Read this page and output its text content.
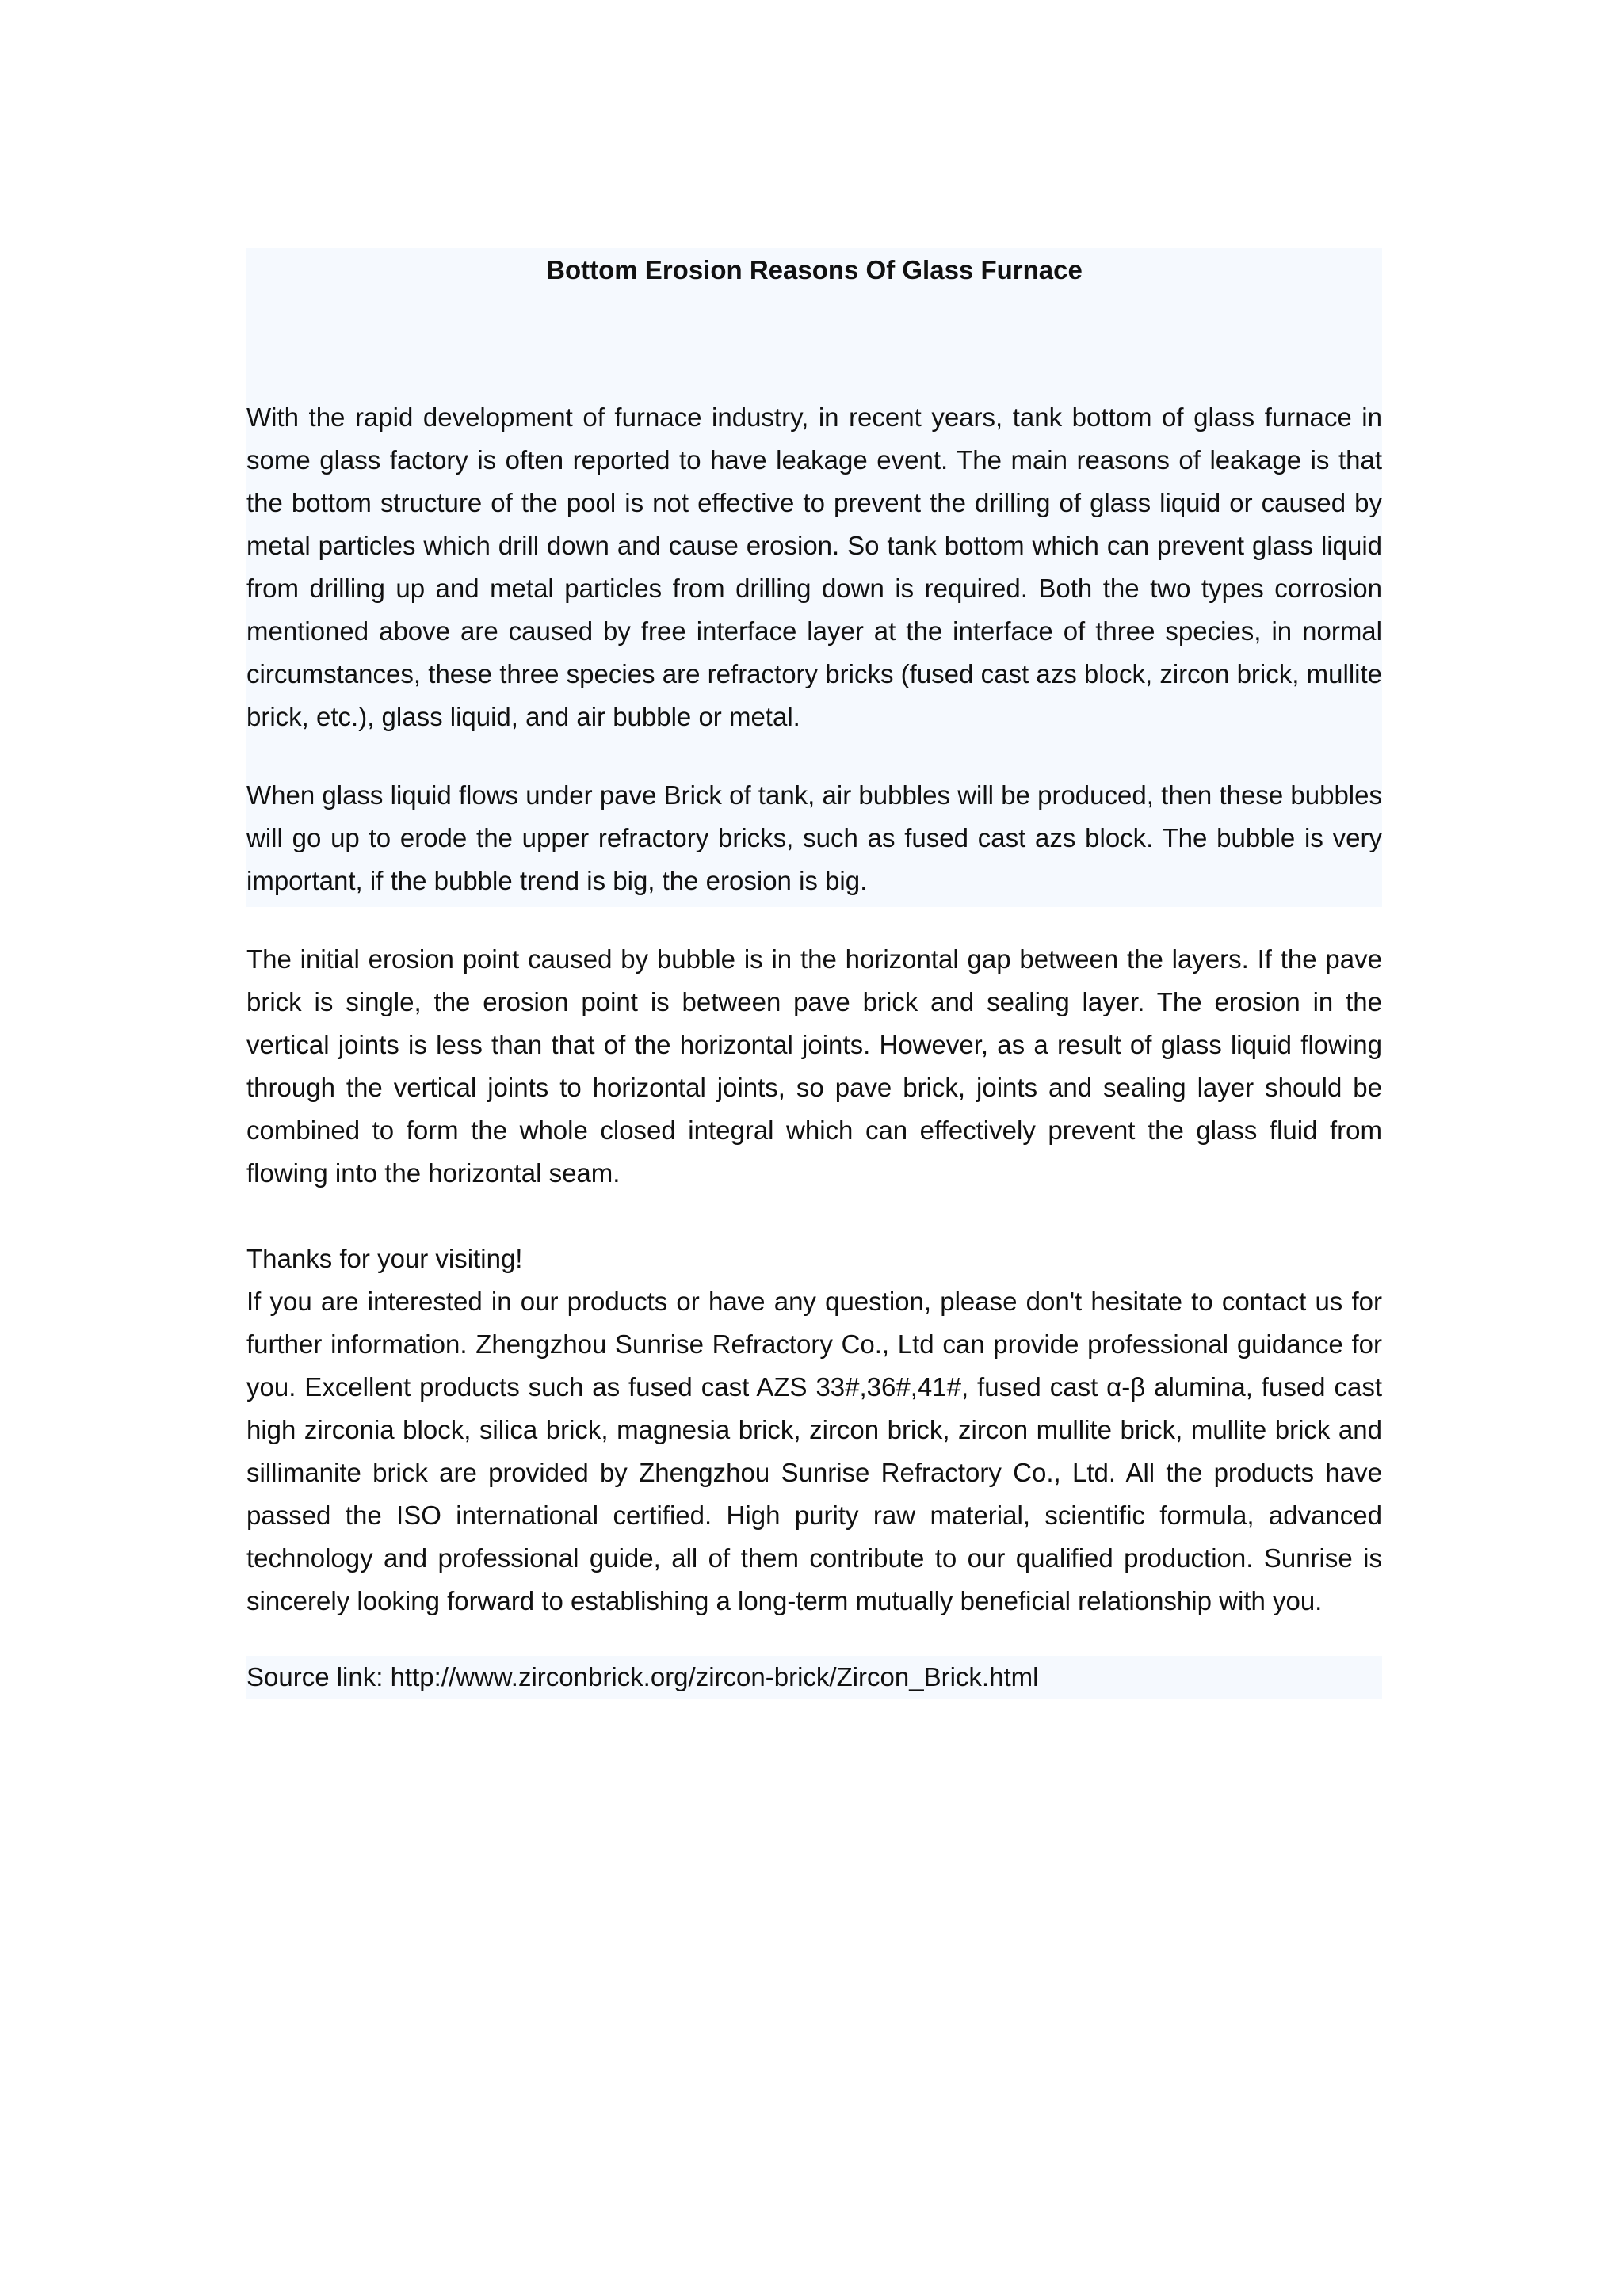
Bottom Erosion Reasons Of Glass Furnace

With the rapid development of furnace industry, in recent years, tank bottom of glass furnace in some glass factory is often reported to have leakage event. The main reasons of leakage is that the bottom structure of the pool is not effective to prevent the drilling of glass liquid or caused by metal particles which drill down and cause erosion. So tank bottom which can prevent glass liquid from drilling up and metal particles from drilling down is required. Both the two types corrosion mentioned above are caused by free interface layer at the interface of three species, in normal circumstances, these three species are refractory bricks (fused cast azs block, zircon brick, mullite brick, etc.), glass liquid, and air bubble or metal.

When glass liquid flows under pave Brick of tank, air bubbles will be produced, then these bubbles will go up to erode the upper refractory bricks, such as fused cast azs block. The bubble is very important, if the bubble trend is big, the erosion is big.

The initial erosion point caused by bubble is in the horizontal gap between the layers. If the pave brick is single, the erosion point is between pave brick and sealing layer. The erosion in the vertical joints is less than that of the horizontal joints. However, as a result of glass liquid flowing through the vertical joints to horizontal joints, so pave brick, joints and sealing layer should be combined to form the whole closed integral which can effectively prevent the glass fluid from flowing into the horizontal seam.

Thanks for your visiting!

If you are interested in our products or have any question, please don't hesitate to contact us for further information. Zhengzhou Sunrise Refractory Co., Ltd can provide professional guidance for you. Excellent products such as fused cast AZS 33#,36#,41#, fused cast α-β alumina, fused cast high zirconia block, silica brick, magnesia brick, zircon brick, zircon mullite brick, mullite brick and sillimanite brick are provided by Zhengzhou Sunrise Refractory Co., Ltd. All the products have passed the ISO international certified. High purity raw material, scientific formula, advanced technology and professional guide, all of them contribute to our qualified production. Sunrise is sincerely looking forward to establishing a long-term mutually beneficial relationship with you.

Source link: http://www.zirconbrick.org/zircon-brick/Zircon_Brick.html
